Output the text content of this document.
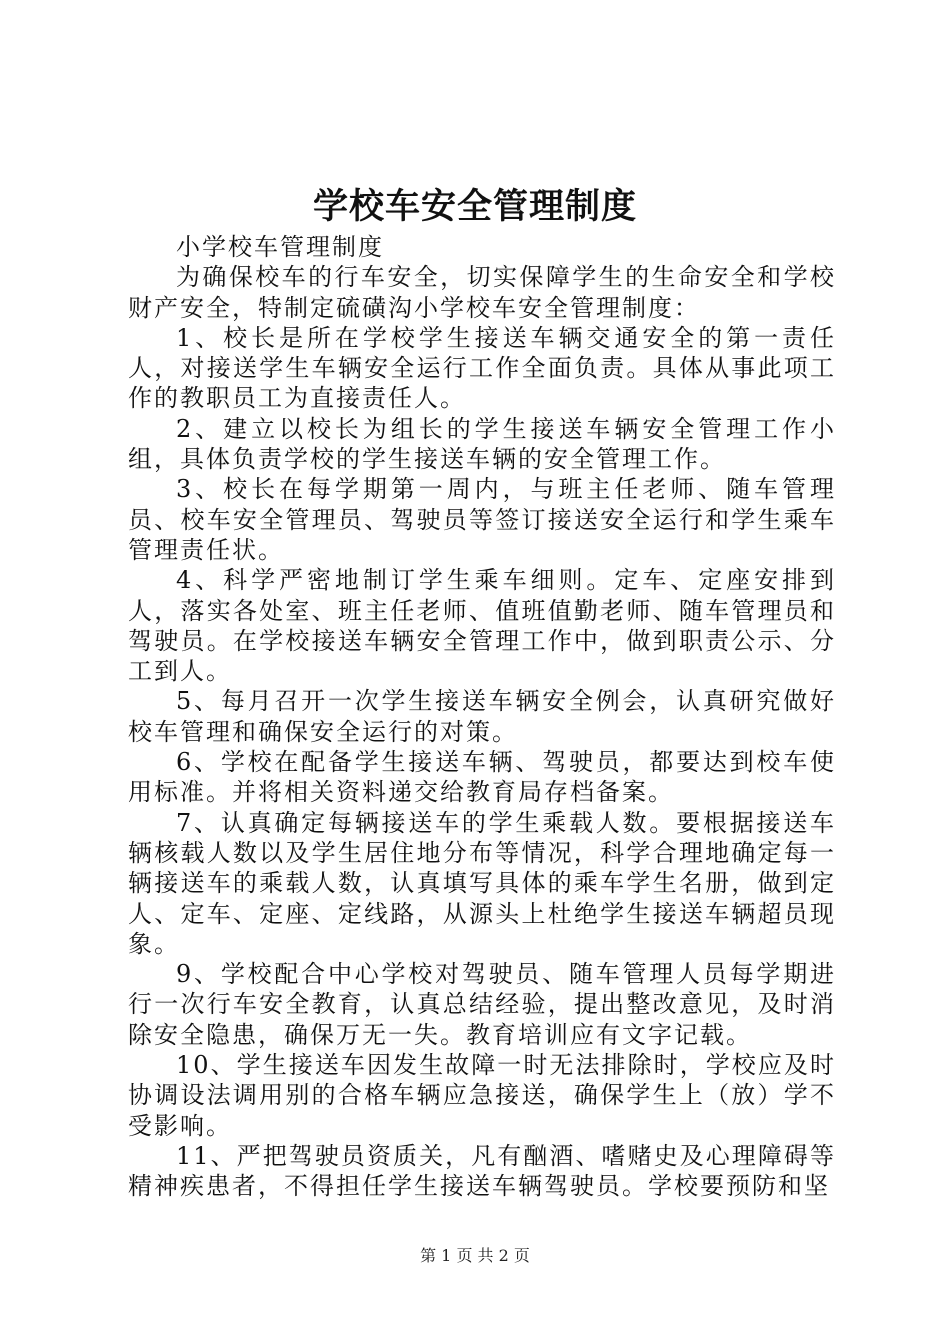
学校车安全管理制度

小学校车管理制度

为确保校车的行车安全，切实保障学生的生命安全和学校财产安全，特制定硫磺沟小学校车安全管理制度：

1、校长是所在学校学生接送车辆交通安全的第一责任人，对接送学生车辆安全运行工作全面负责。具体从事此项工作的教职员工为直接责任人。

2、建立以校长为组长的学生接送车辆安全管理工作小组，具体负责学校的学生接送车辆的安全管理工作。

3、校长在每学期第一周内，与班主任老师、随车管理员、校车安全管理员、驾驶员等签订接送安全运行和学生乘车管理责任状。

4、科学严密地制订学生乘车细则。定车、定座安排到人，落实各处室、班主任老师、值班值勤老师、随车管理员和驾驶员。在学校接送车辆安全管理工作中，做到职责公示、分工到人。

5、每月召开一次学生接送车辆安全例会，认真研究做好校车管理和确保安全运行的对策。

6、学校在配备学生接送车辆、驾驶员，都要达到校车使用标准。并将相关资料递交给教育局存档备案。

7、认真确定每辆接送车的学生乘载人数。要根据接送车辆核载人数以及学生居住地分布等情况，科学合理地确定每一辆接送车的乘载人数，认真填写具体的乘车学生名册，做到定人、定车、定座、定线路，从源头上杜绝学生接送车辆超员现象。

9、学校配合中心学校对驾驶员、随车管理人员每学期进行一次行车安全教育，认真总结经验，提出整改意见，及时消除安全隐患，确保万无一失。教育培训应有文字记载。

10、学生接送车因发生故障一时无法排除时，学校应及时协调设法调用别的合格车辆应急接送，确保学生上（放）学不受影响。

11、严把驾驶员资质关，凡有酗酒、嗜赌史及心理障碍等精神疾患者，不得担任学生接送车辆驾驶员。学校要预防和坚

第 1 页 共 2 页
